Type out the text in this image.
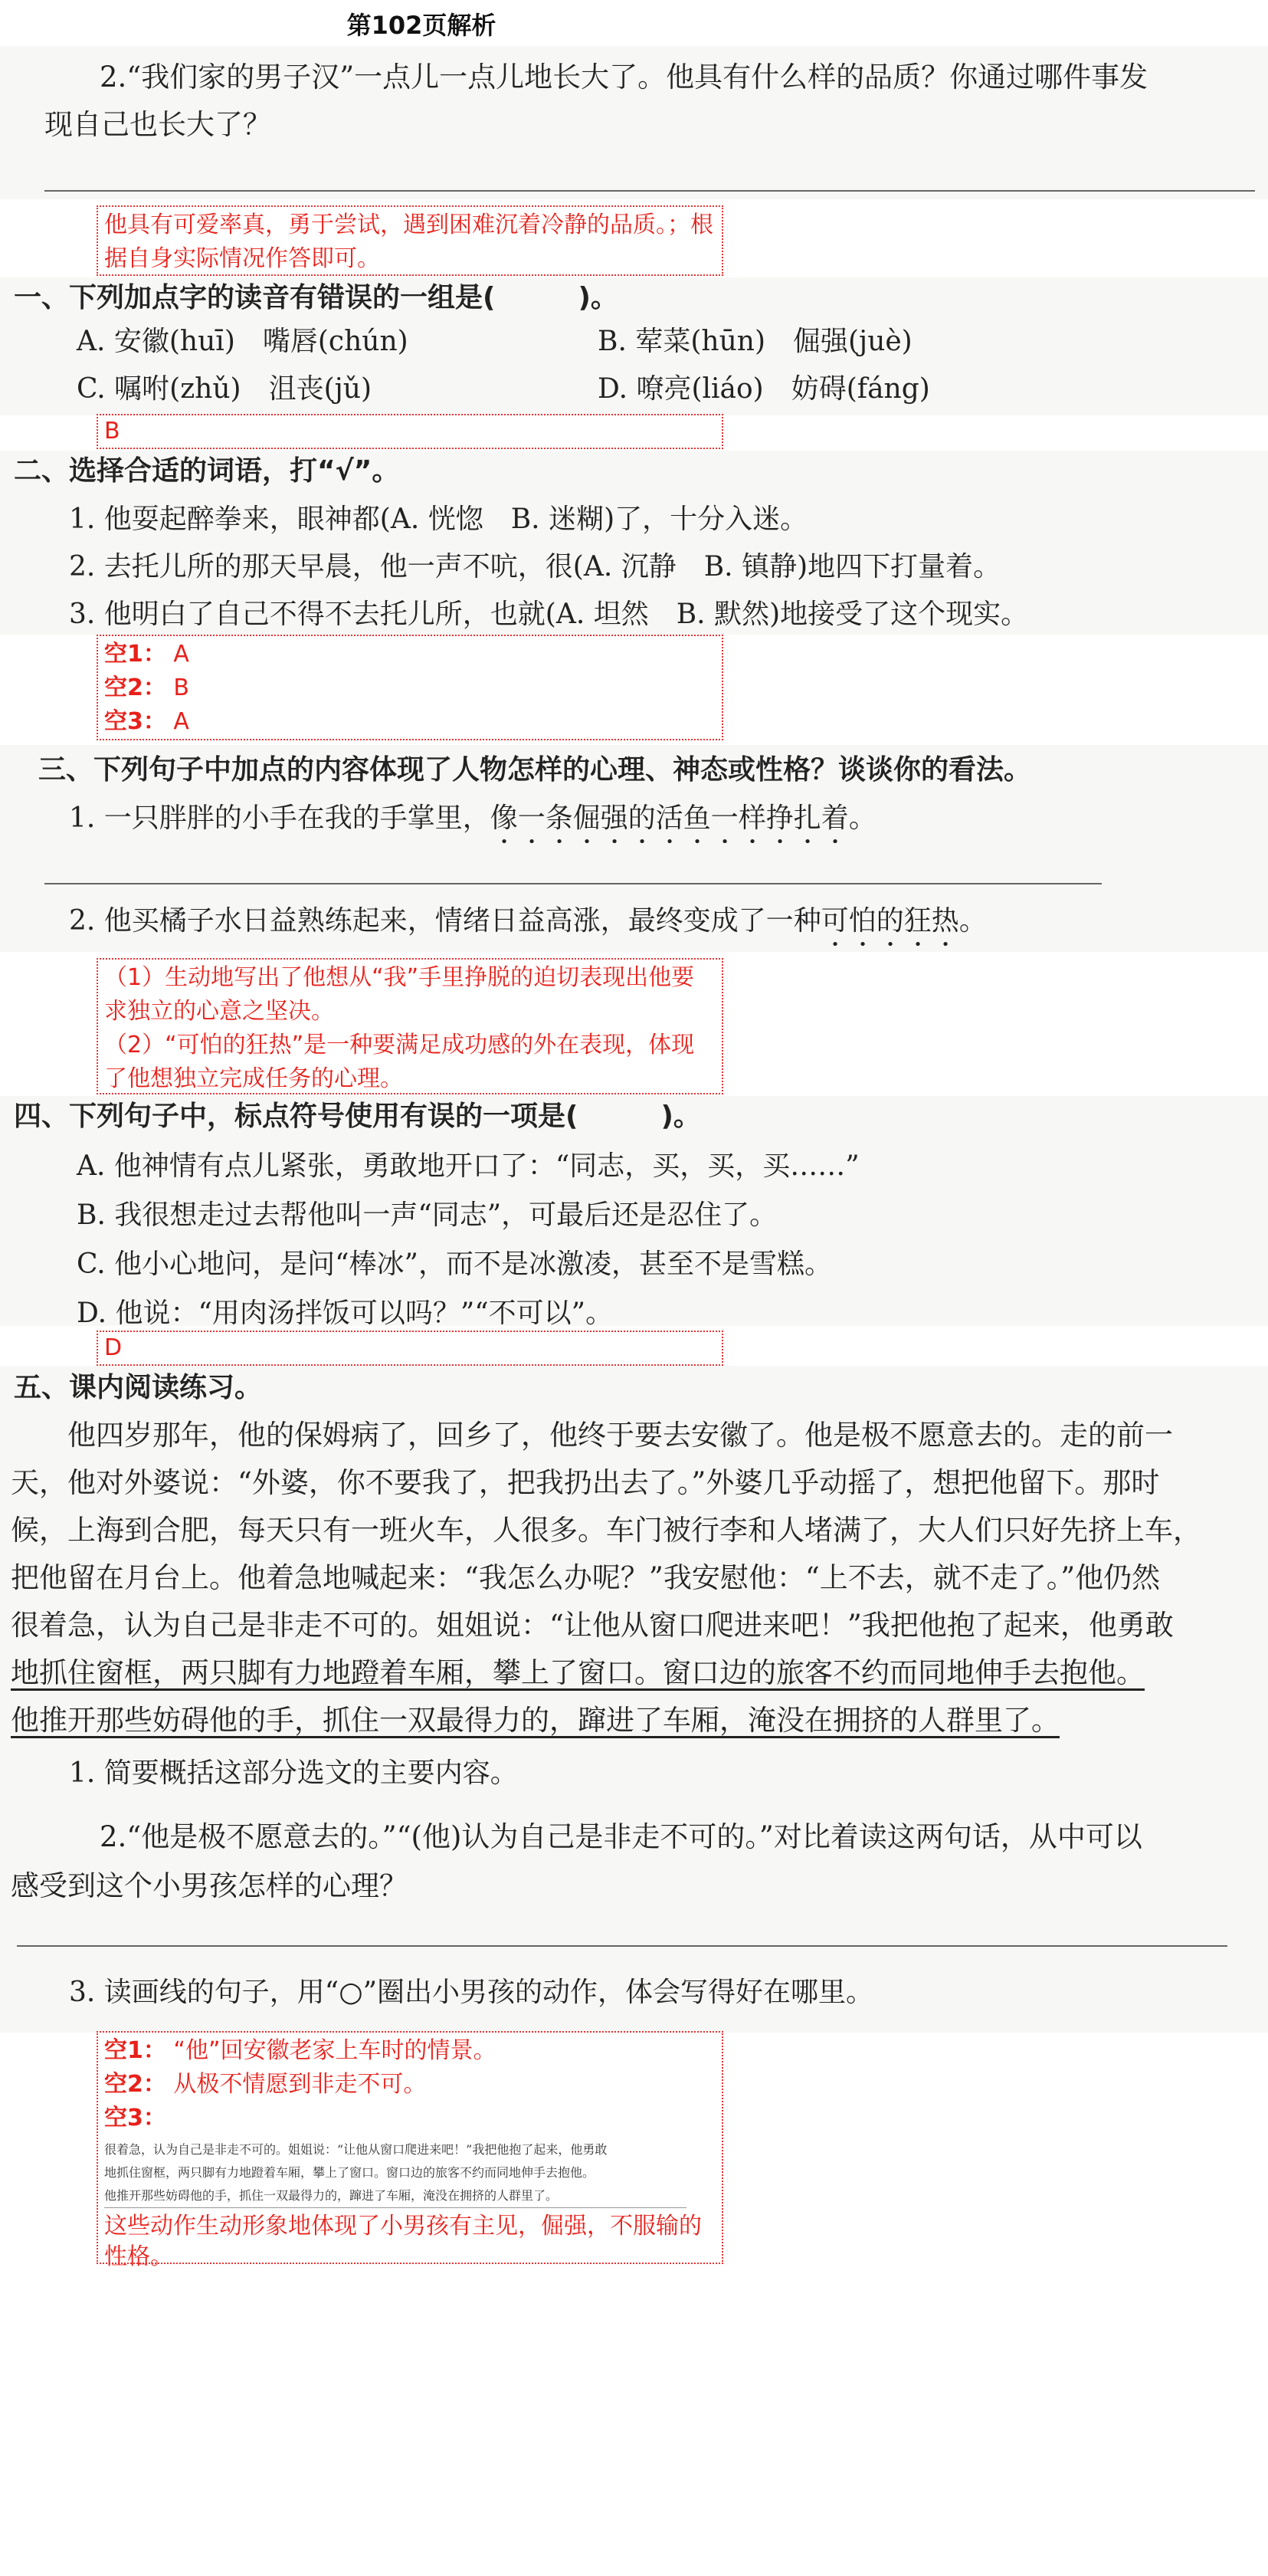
第102页解析
2.“我们家的男子汉”一点儿一点儿地长大了。他具有什么样的品质？你通过哪件事发
现自己也长大了？
他具有可爱率真，勇于尝试，遇到困难沉着冷静的品质。；根据自身实际情况作答即可。
一、下列加点字的读音有错误的一组是(　　　)。
A. 安徽(huī)　嘴唇(chún)	B. 荤菜(hūn)　倔强(juè)
C. 嘱咐(zhǔ)　沮丧(jǔ)	D. 嘹亮(liáo)　妨碍(fáng)
B
二、选择合适的词语，打“√”。
1. 他耍起醉拳来，眼神都(A. 恍惚　B. 迷糊)了，十分入迷。
2. 去托儿所的那天早晨，他一声不吭，很(A. 沉静　B. 镇静)地四下打量着。
3. 他明白了自己不得不去托儿所，也就(A. 坦然　B. 默然)地接受了这个现实。
空1： A
空2： B
空3： A
三、下列句子中加点的内容体现了人物怎样的心理、神态或性格？谈谈你的看法。
1. 一只胖胖的小手在我的手掌里，像一条倔强的活鱼一样挣扎着。
2. 他买橘子水日益熟练起来，情绪日益高涨，最终变成了一种可怕的狂热。
（1）生动地写出了他想从“我”手里挣脱的迫切表现出他要求独立的心意之坚决。
（2）“可怕的狂热”是一种要满足成功感的外在表现，体现了他想独立完成任务的心理。
四、下列句子中，标点符号使用有误的一项是(　　　)。
A. 他神情有点儿紧张，勇敢地开口了：“同志，买，买，买……”
B. 我很想走过去帮他叫一声“同志”，可最后还是忍住了。
C. 他小心地问，是问“棒冰”，而不是冰激凌，甚至不是雪糕。
D. 他说：“用肉汤拌饭可以吗？”“不可以”。
D
五、课内阅读练习。
　　他四岁那年，他的保姆病了，回乡了，他终于要去安徽了。他是极不愿意去的。走的前一
天，他对外婆说：“外婆，你不要我了，把我扔出去了。”外婆几乎动摇了，想把他留下。那时
候，上海到合肥，每天只有一班火车，人很多。车门被行李和人堵满了，大人们只好先挤上车，
把他留在月台上。他着急地喊起来：“我怎么办呢？”我安慰他：“上不去，就不走了。”他仍然
很着急，认为自己是非走不可的。姐姐说：“让他从窗口爬进来吧！”我把他抱了起来，他勇敢
地抓住窗框，两只脚有力地蹬着车厢，攀上了窗口。窗口边的旅客不约而同地伸手去抱他。
他推开那些妨碍他的手，抓住一双最得力的，蹿进了车厢，淹没在拥挤的人群里了。
1. 简要概括这部分选文的主要内容。
2.“他是极不愿意去的。”“(他)认为自己是非走不可的。”对比着读这两句话，从中可以
感受到这个小男孩怎样的心理？
3. 读画线的句子，用“○”圈出小男孩的动作，体会写得好在哪里。
空1： “他”回安徽老家上车时的情景。
空2： 从极不情愿到非走不可。
空3：
很着急，认为自己是非走不可的。姐姐说：“让他从窗口爬进来吧！”我把他抱了起来，他勇敢
地抓住窗框，两只脚有力地蹬着车厢，攀上了窗口。窗口边的旅客不约而同地伸手去抱他。
他推开那些妨碍他的手，抓住一双最得力的，蹿进了车厢，淹没在拥挤的人群里了。
这些动作生动形象地体现了小男孩有主见，倔强，不服输的性格。
